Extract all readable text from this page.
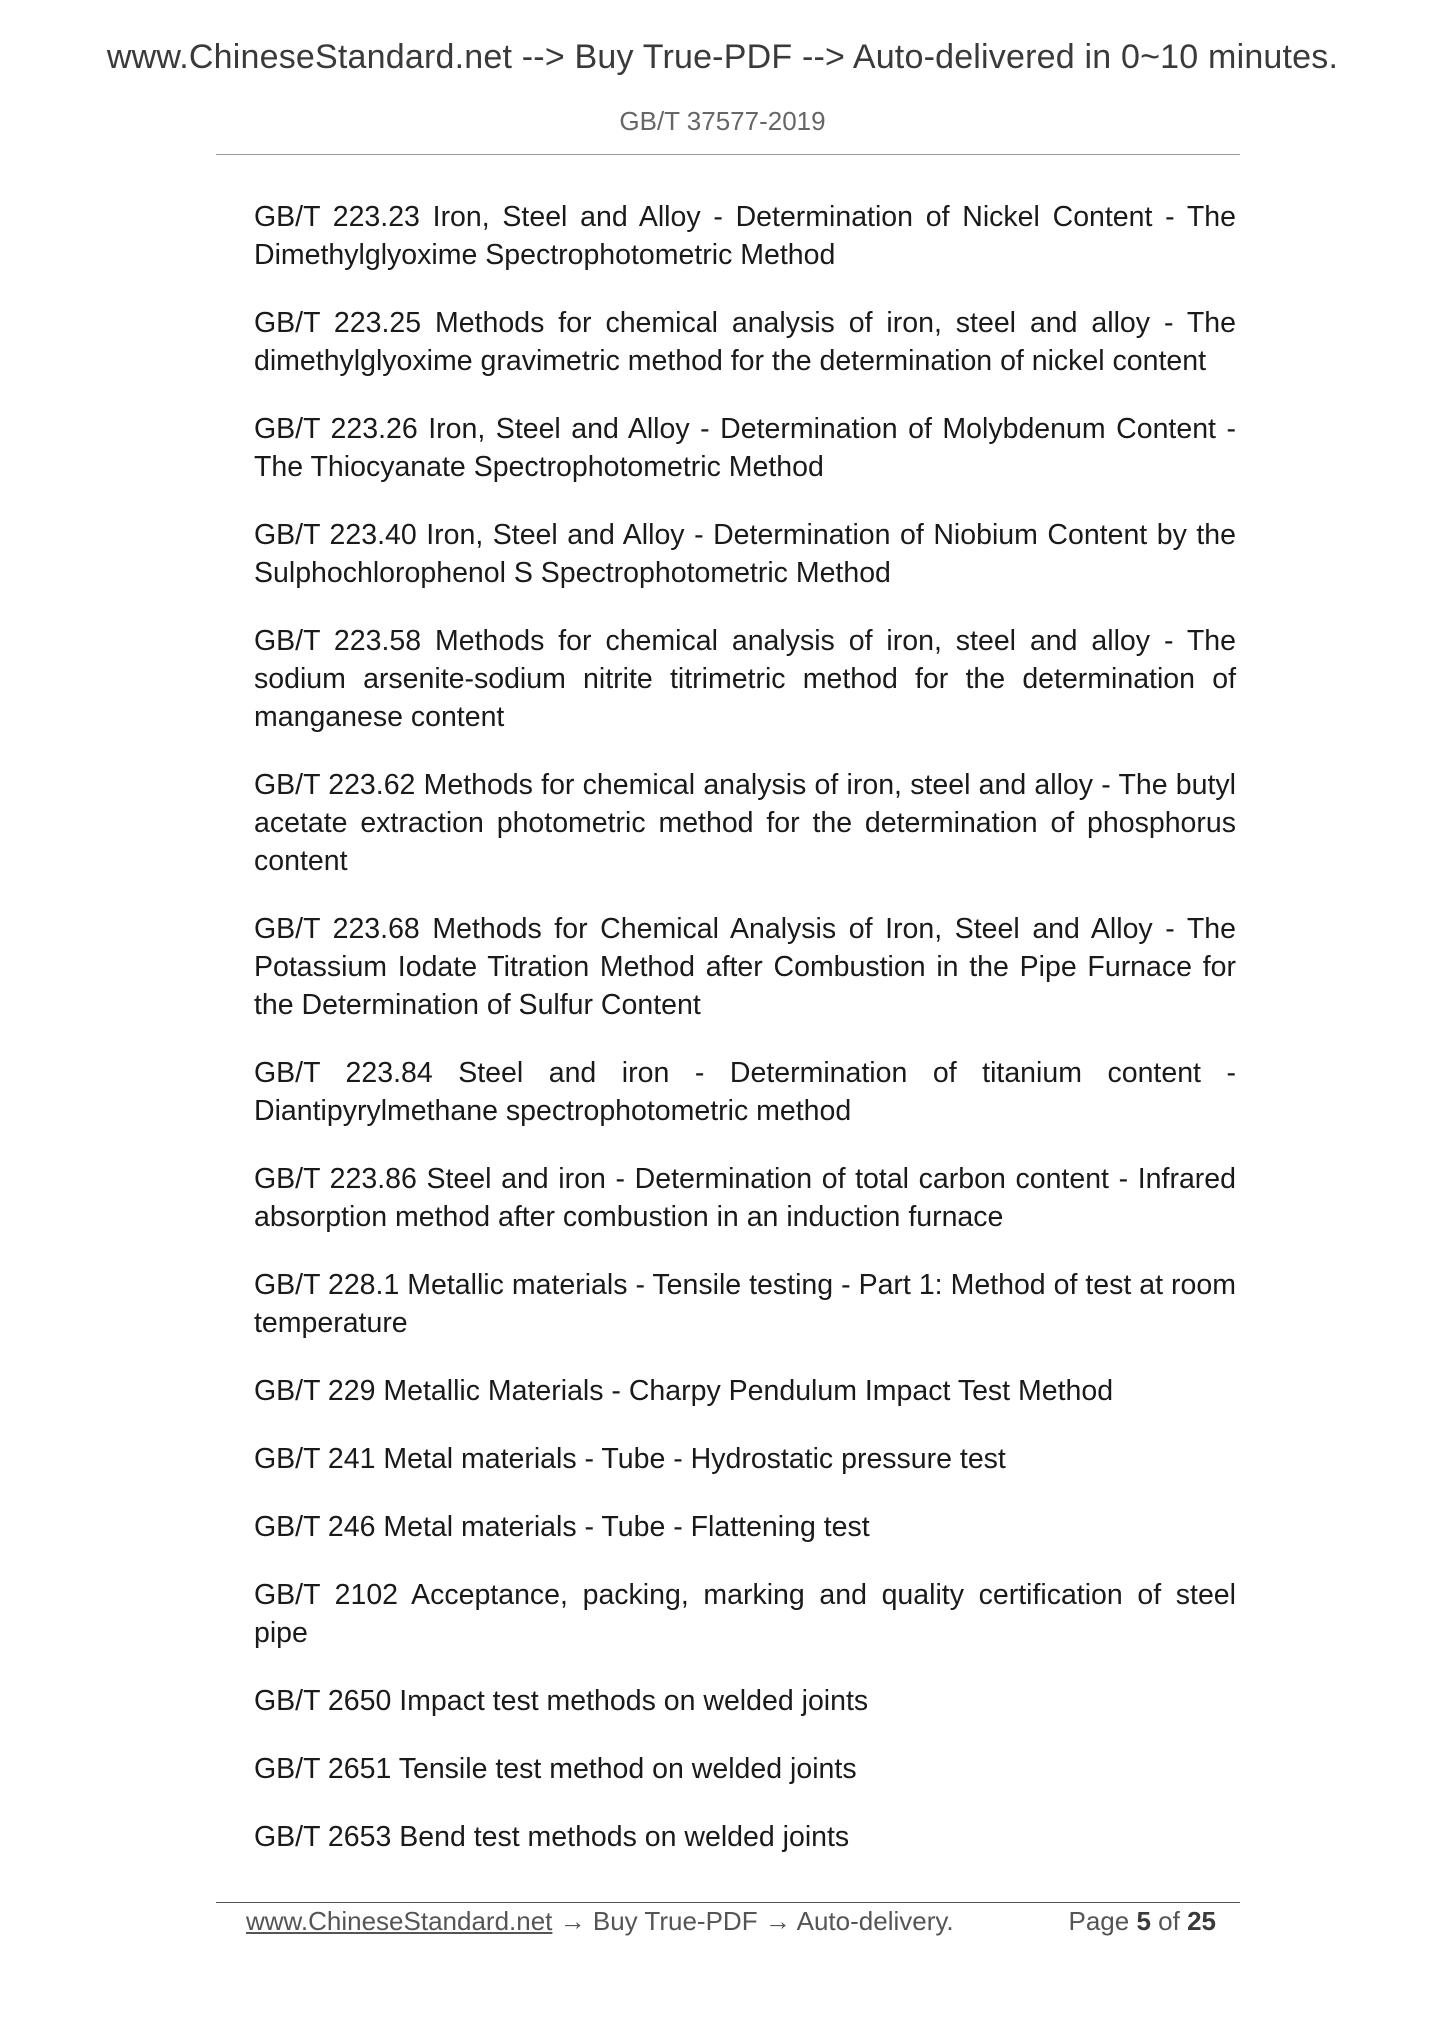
www.ChineseStandard.net --> Buy True-PDF --> Auto-delivered in 0~10 minutes.
GB/T 37577-2019
GB/T 223.23 Iron, Steel and Alloy - Determination of Nickel Content - The Dimethylglyoxime Spectrophotometric Method
GB/T 223.25 Methods for chemical analysis of iron, steel and alloy - The dimethylglyoxime gravimetric method for the determination of nickel content
GB/T 223.26 Iron, Steel and Alloy - Determination of Molybdenum Content - The Thiocyanate Spectrophotometric Method
GB/T 223.40 Iron, Steel and Alloy - Determination of Niobium Content by the Sulphochlorophenol S Spectrophotometric Method
GB/T 223.58 Methods for chemical analysis of iron, steel and alloy - The sodium arsenite-sodium nitrite titrimetric method for the determination of manganese content
GB/T 223.62 Methods for chemical analysis of iron, steel and alloy - The butyl acetate extraction photometric method for the determination of phosphorus content
GB/T 223.68 Methods for Chemical Analysis of Iron, Steel and Alloy - The Potassium Iodate Titration Method after Combustion in the Pipe Furnace for the Determination of Sulfur Content
GB/T 223.84 Steel and iron - Determination of titanium content - Diantipyrylmethane spectrophotometric method
GB/T 223.86 Steel and iron - Determination of total carbon content - Infrared absorption method after combustion in an induction furnace
GB/T 228.1 Metallic materials - Tensile testing - Part 1: Method of test at room temperature
GB/T 229 Metallic Materials - Charpy Pendulum Impact Test Method
GB/T 241 Metal materials - Tube - Hydrostatic pressure test
GB/T 246 Metal materials - Tube - Flattening test
GB/T 2102 Acceptance, packing, marking and quality certification of steel pipe
GB/T 2650 Impact test methods on welded joints
GB/T 2651 Tensile test method on welded joints
GB/T 2653 Bend test methods on welded joints
www.ChineseStandard.net → Buy True-PDF → Auto-delivery.	Page 5 of 25
